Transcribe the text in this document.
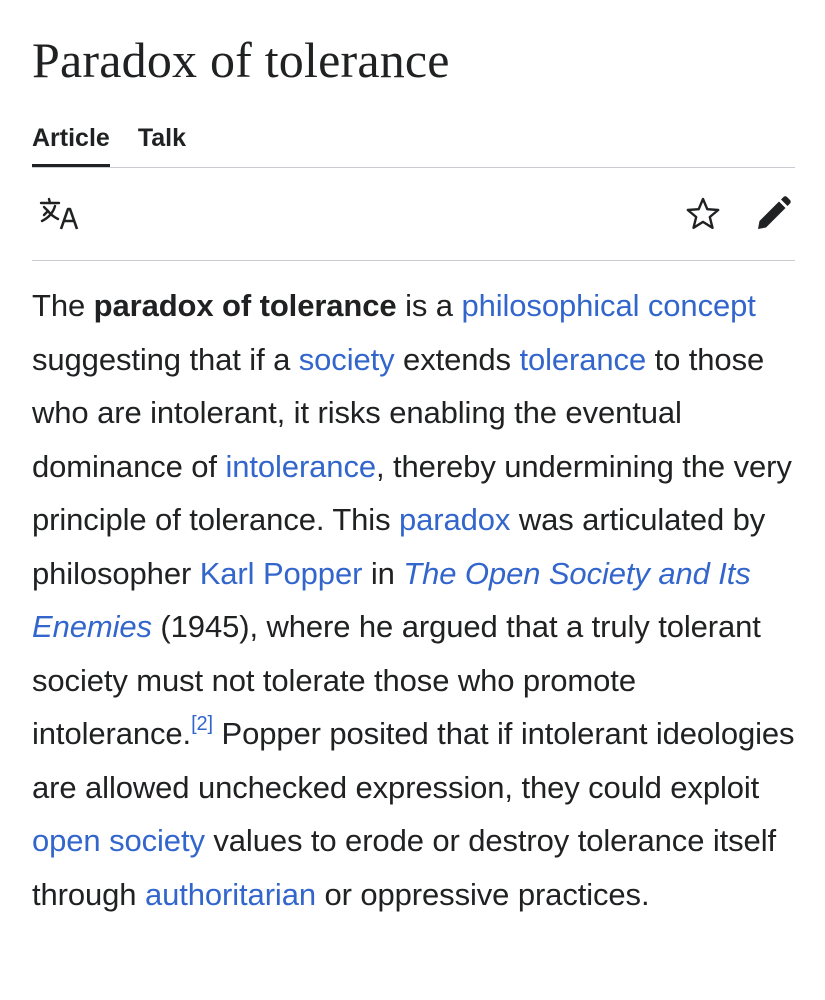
Paradox of tolerance
Article Talk

The paradox of tolerance is a philosophical concept suggesting that if a society extends tolerance to those who are intolerant, it risks enabling the eventual dominance of intolerance, thereby undermining the very principle of tolerance. This paradox was articulated by philosopher Karl Popper in The Open Society and Its Enemies (1945), where he argued that a truly tolerant society must not tolerate those who promote intolerance.[2] Popper posited that if intolerant ideologies are allowed unchecked expression, they could exploit open society values to erode or destroy tolerance itself through authoritarian or oppressive practices.
